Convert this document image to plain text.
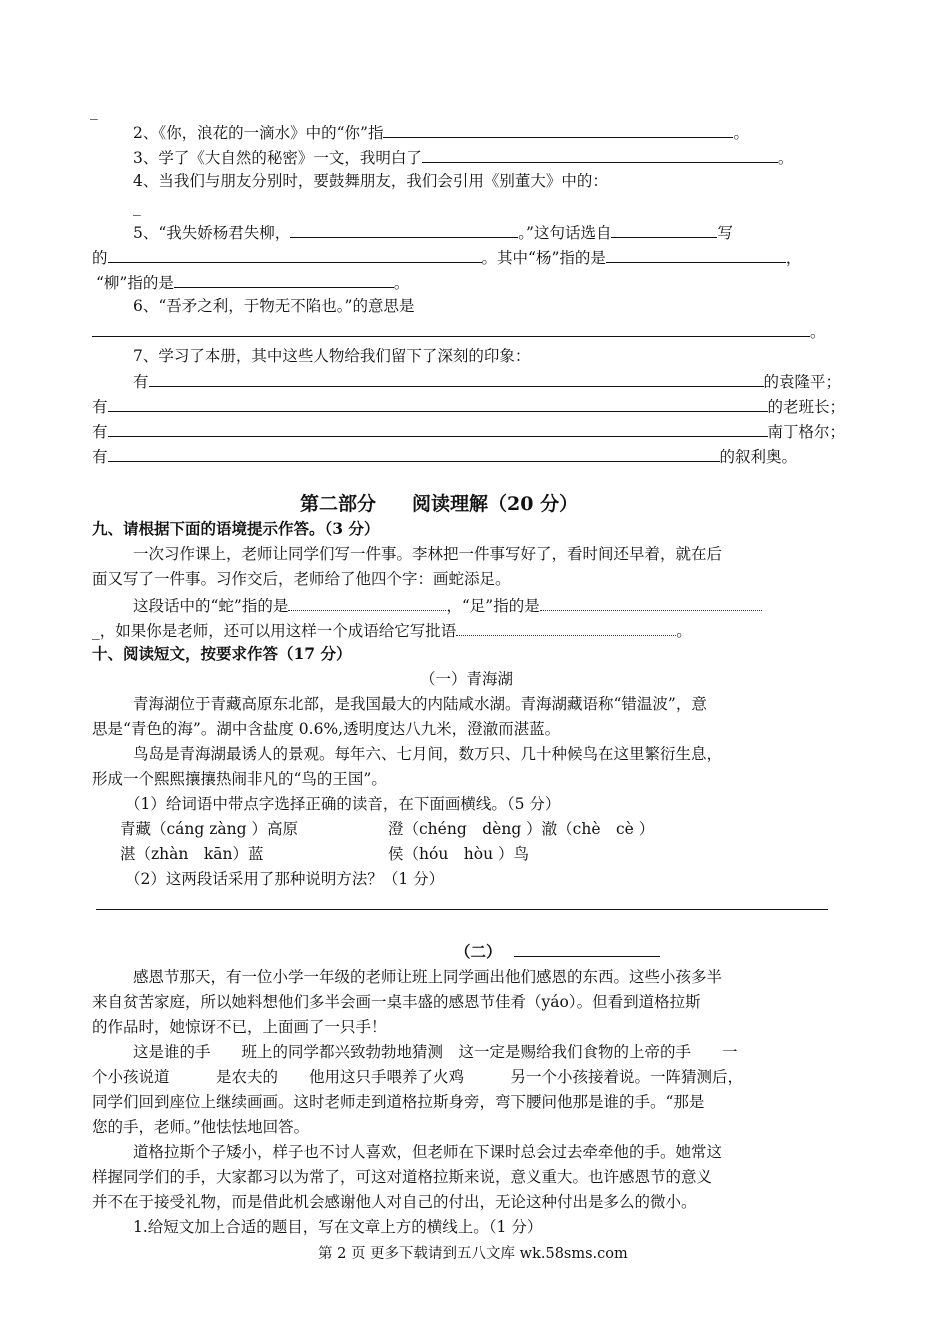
_
2、《你，浪花的一滴水》中的“你”指	。
3、学了《大自然的秘密》一文，我明白了	。
4、当我们与朋友分别时，要鼓舞朋友，我们会引用《别董大》中的：
_
5、“我失娇杨君失柳，	。”这句话选自	写
的	。其中“杨”指的是	，
“柳”指的是	。
6、“吾矛之利，于物无不陷也。”的意思是
。
7、学习了本册，其中这些人物给我们留下了深刻的印象：
有	的袁隆平；
有	的老班长；
有	南丁格尔；
有	的叙利奥。
第二部分 阅读理解（20 分）
九、请根据下面的语境提示作答。（3 分）
一次习作课上，老师让同学们写一件事。李林把一件事写好了，看时间还早着，就在后
面又写了一件事。习作交后，老师给了他四个字：画蛇添足。
这段话中的“蛇”指的是	，“足”指的是
_，如果你是老师，还可以用这样一个成语给它写批语	。
十、阅读短文，按要求作答（17 分）
（一）青海湖
青海湖位于青藏高原东北部，是我国最大的内陆咸水湖。青海湖藏语称“错温波”，意
思是“青色的海”。湖中含盐度 0.6%,透明度达八九米，澄澈而湛蓝。
鸟岛是青海湖最诱人的景观。每年六、七月间，数万只、几十种候鸟在这里繁衍生息，
形成一个熙熙攘攘热闹非凡的“鸟的王国”。
（1）给词语中带点字选择正确的读音，在下面画横线。（5 分）
青藏（cáng zàng ）高原	澄（chéng　dèng ）澈（chè　cè ）
湛（zhàn　kān）蓝	侯（hóu　hòu ）鸟
（2）这两段话采用了那种说明方法？（1 分）
（二）
感恩节那天，有一位小学一年级的老师让班上同学画出他们感恩的东西。这些小孩多半
来自贫苦家庭，所以她料想他们多半会画一桌丰盛的感恩节佳肴（yáo）。但看到道格拉斯
的作品时，她惊讶不已，上面画了一只手！
这是谁的手　　班上的同学都兴致勃勃地猜测　这一定是赐给我们食物的上帝的手　　一
个小孩说道　　　是农夫的　　他用这只手喂养了火鸡　　　另一个小孩接着说。一阵猜测后，
同学们回到座位上继续画画。这时老师走到道格拉斯身旁，弯下腰问他那是谁的手。“那是
您的手，老师。”他怯怯地回答。
道格拉斯个子矮小，样子也不讨人喜欢，但老师在下课时总会过去牵牵他的手。她常这
样握同学们的手，大家都习以为常了，可这对道格拉斯来说，意义重大。也许感恩节的意义
并不在于接受礼物，而是借此机会感谢他人对自己的付出，无论这种付出是多么的微小。
1.给短文加上合适的题目，写在文章上方的横线上。（1 分）
第 2 页 更多下载请到五八文库 wk.58sms.com
